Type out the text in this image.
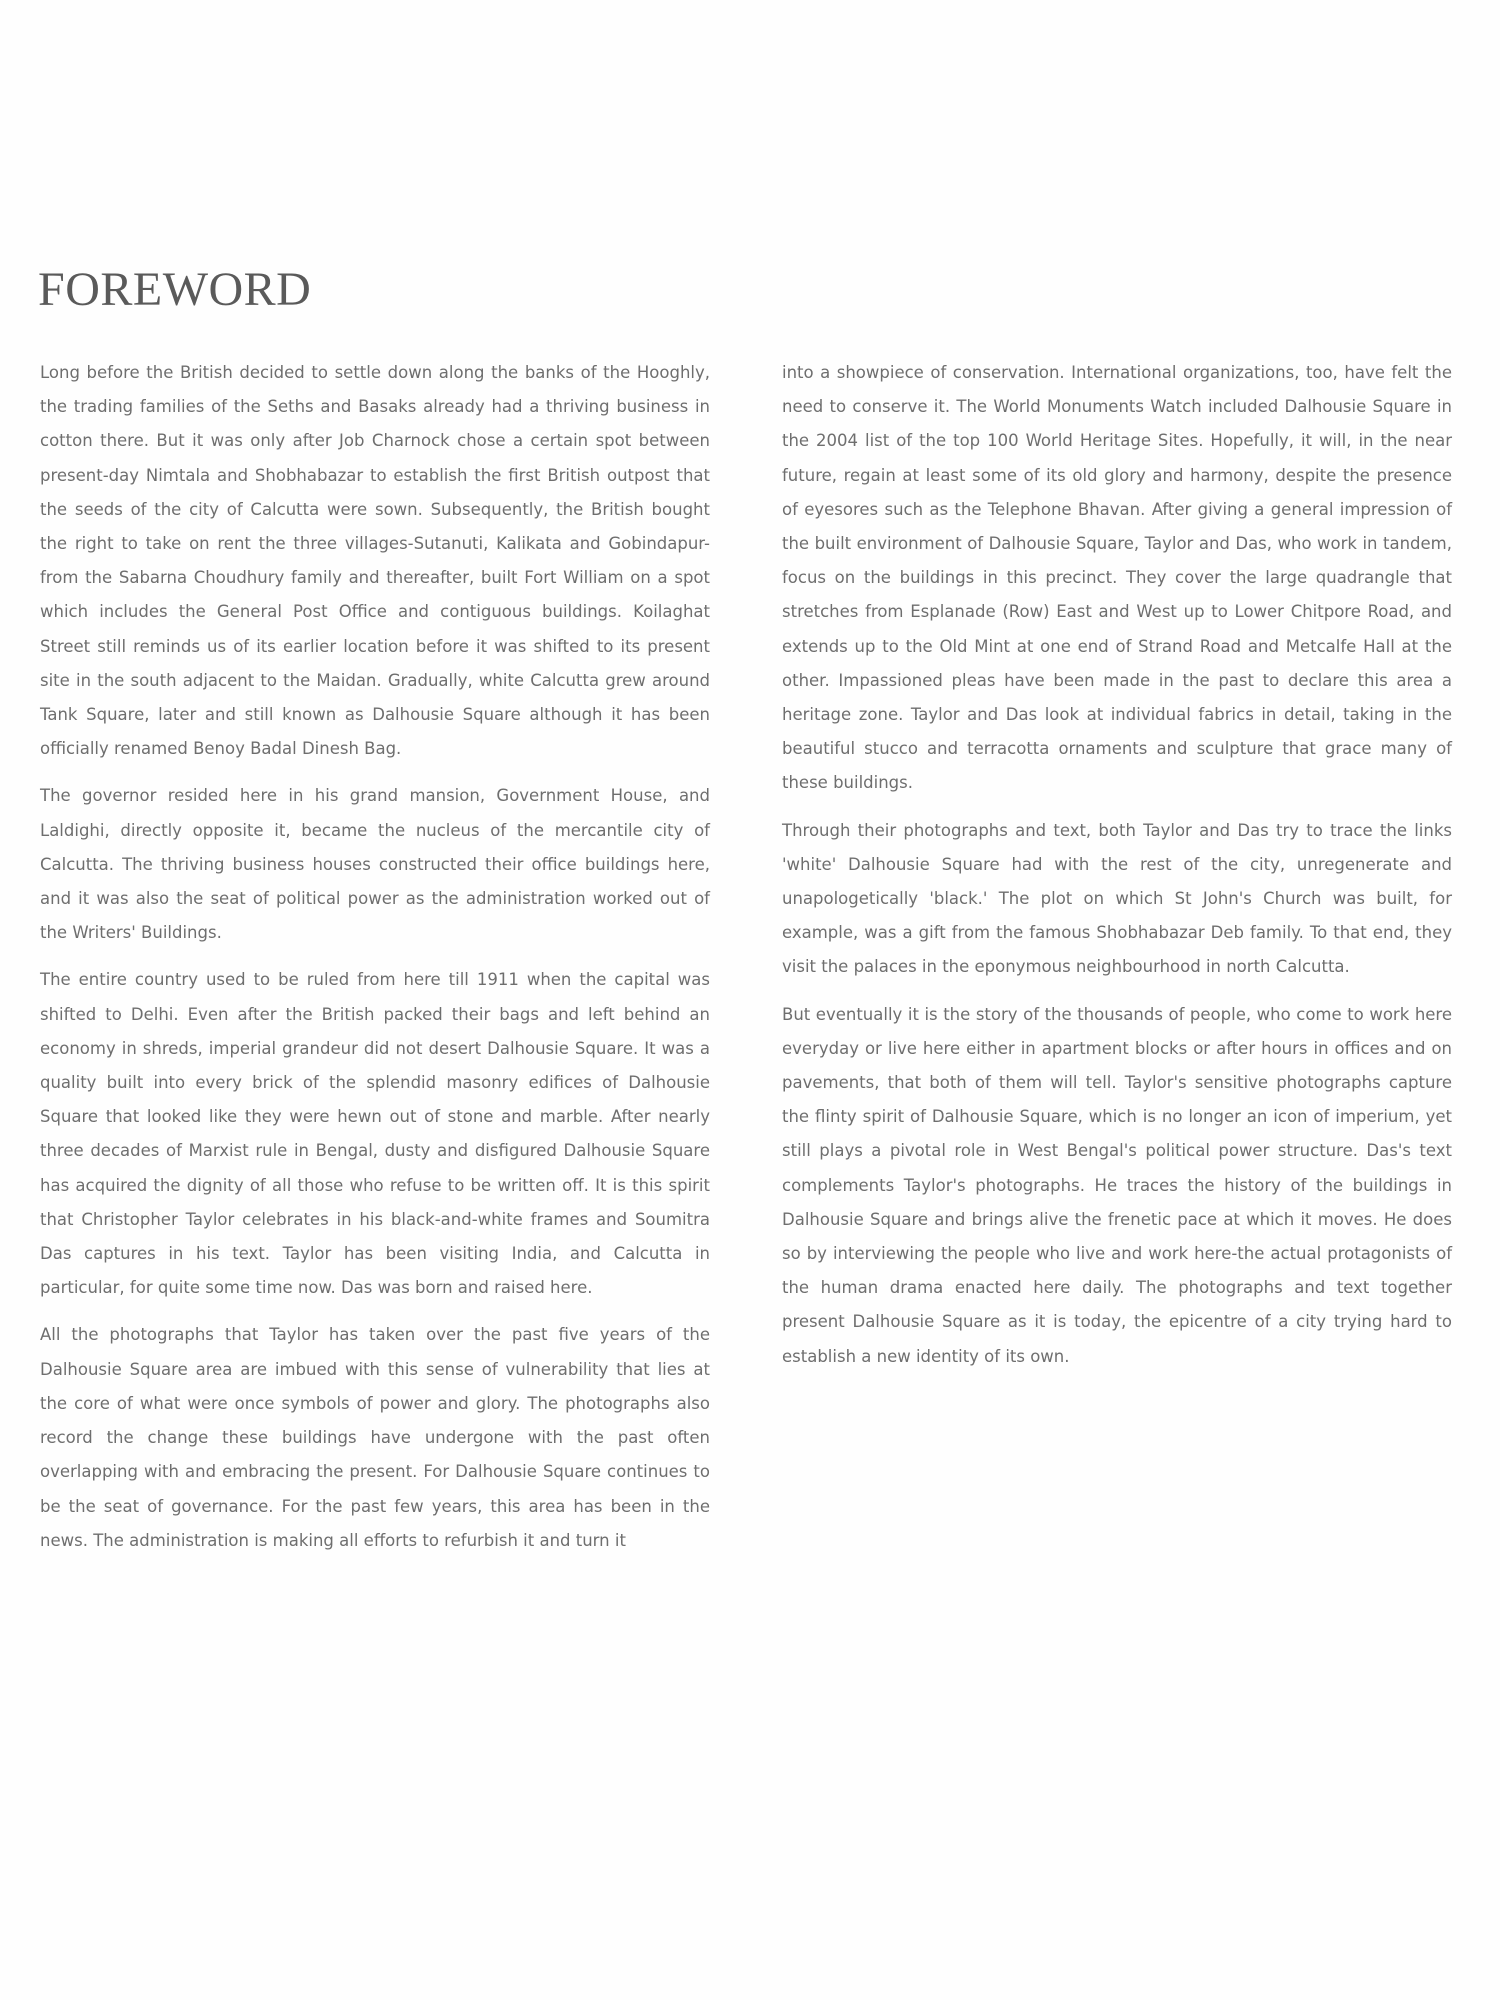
FOREWORD

Long before the British decided to settle down along the banks of the Hooghly, the trading families of the Seths and Basaks already had a thriving business in cotton there. But it was only after Job Charnock chose a certain spot between present-day Nimtala and Shobhabazar to establish the first British outpost that the seeds of the city of Calcutta were sown. Subsequently, the British bought the right to take on rent the three villages-Sutanuti, Kalikata and Gobindapur-from the Sabarna Choudhury family and thereafter, built Fort William on a spot which includes the General Post Office and contiguous buildings. Koilaghat Street still reminds us of its earlier location before it was shifted to its present site in the south adjacent to the Maidan. Gradually, white Calcutta grew around Tank Square, later and still known as Dalhousie Square although it has been officially renamed Benoy Badal Dinesh Bag.

The governor resided here in his grand mansion, Government House, and Laldighi, directly opposite it, became the nucleus of the mercantile city of Calcutta. The thriving business houses constructed their office buildings here, and it was also the seat of political power as the administration worked out of the Writers' Buildings.

The entire country used to be ruled from here till 1911 when the capital was shifted to Delhi. Even after the British packed their bags and left behind an economy in shreds, imperial grandeur did not desert Dalhousie Square. It was a quality built into every brick of the splendid masonry edifices of Dalhousie Square that looked like they were hewn out of stone and marble. After nearly three decades of Marxist rule in Bengal, dusty and disfigured Dalhousie Square has acquired the dignity of all those who refuse to be written off. It is this spirit that Christopher Taylor celebrates in his black-and-white frames and Soumitra Das captures in his text. Taylor has been visiting India, and Calcutta in particular, for quite some time now. Das was born and raised here.

All the photographs that Taylor has taken over the past five years of the Dalhousie Square area are imbued with this sense of vulnerability that lies at the core of what were once symbols of power and glory. The photographs also record the change these buildings have undergone with the past often overlapping with and embracing the present. For Dalhousie Square continues to be the seat of governance. For the past few years, this area has been in the news. The administration is making all efforts to refurbish it and turn it

into a showpiece of conservation. International organizations, too, have felt the need to conserve it. The World Monuments Watch included Dalhousie Square in the 2004 list of the top 100 World Heritage Sites. Hopefully, it will, in the near future, regain at least some of its old glory and harmony, despite the presence of eyesores such as the Telephone Bhavan. After giving a general impression of the built environment of Dalhousie Square, Taylor and Das, who work in tandem, focus on the buildings in this precinct. They cover the large quadrangle that stretches from Esplanade (Row) East and West up to Lower Chitpore Road, and extends up to the Old Mint at one end of Strand Road and Metcalfe Hall at the other. Impassioned pleas have been made in the past to declare this area a heritage zone. Taylor and Das look at individual fabrics in detail, taking in the beautiful stucco and terracotta ornaments and sculpture that grace many of these buildings.

Through their photographs and text, both Taylor and Das try to trace the links 'white' Dalhousie Square had with the rest of the city, unregenerate and unapologetically 'black.' The plot on which St John's Church was built, for example, was a gift from the famous Shobhabazar Deb family. To that end, they visit the palaces in the eponymous neighbourhood in north Calcutta.

But eventually it is the story of the thousands of people, who come to work here everyday or live here either in apartment blocks or after hours in offices and on pavements, that both of them will tell. Taylor's sensitive photographs capture the flinty spirit of Dalhousie Square, which is no longer an icon of imperium, yet still plays a pivotal role in West Bengal's political power structure. Das's text complements Taylor's photographs. He traces the history of the buildings in Dalhousie Square and brings alive the frenetic pace at which it moves. He does so by interviewing the people who live and work here-the actual protagonists of the human drama enacted here daily. The photographs and text together present Dalhousie Square as it is today, the epicentre of a city trying hard to establish a new identity of its own.
